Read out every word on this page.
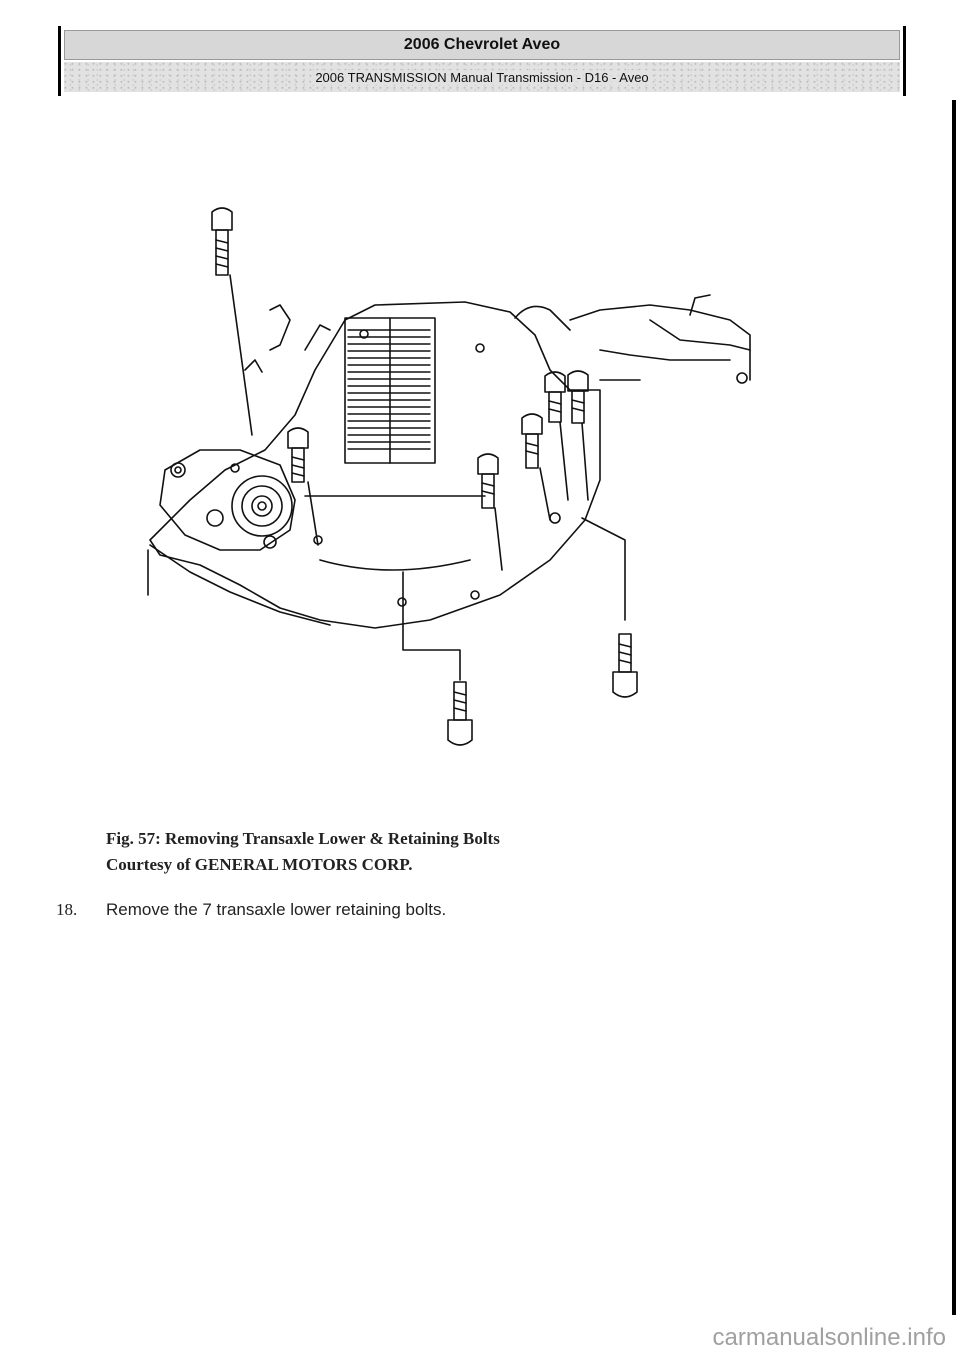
2006 Chevrolet Aveo
2006 TRANSMISSION Manual Transmission - D16 - Aveo
Fig. 57: Removing Transaxle Lower & Retaining Bolts
Courtesy of GENERAL MOTORS CORP.
18. Remove the 7 transaxle lower retaining bolts.
carmanualsonline.info
